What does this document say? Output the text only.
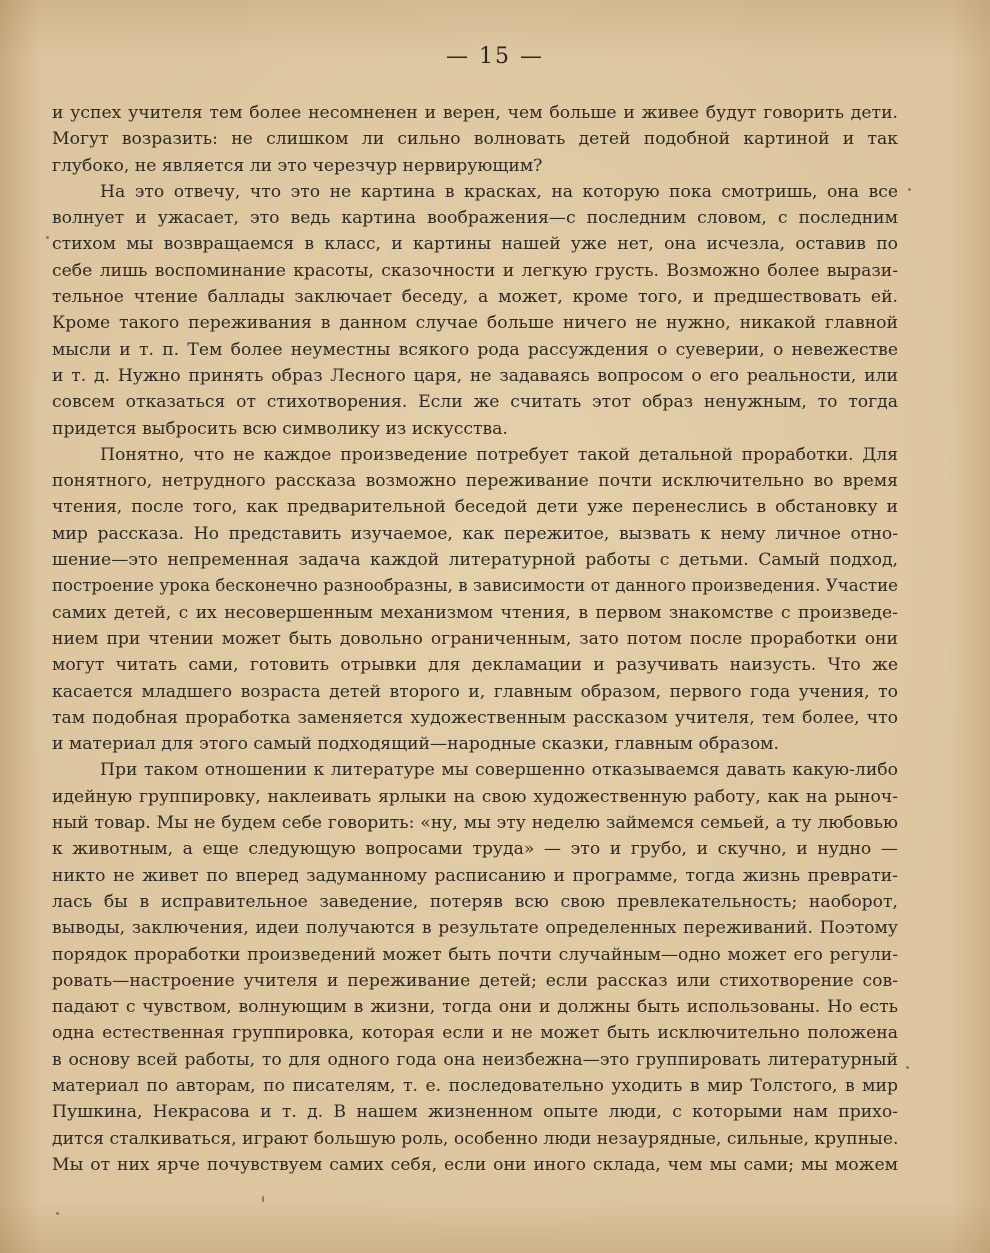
— 15 —
и успех учителя тем более несомненен и верен, чем больше и живее будут говорить дети.
Могут возразить: не слишком ли сильно волновать детей подобной картиной и так
глубоко, не является ли это черезчур нервирующим?
На это отвечу, что это не картина в красках, на которую пока смотришь, она все
волнует и ужасает, это ведь картина воображения—с последним словом, с последним
стихом мы возвращаемся в класс, и картины нашей уже нет, она исчезла, оставив по
себе лишь воспоминание красоты, сказочности и легкую грусть. Возможно более вырази-
тельное чтение баллады заключает беседу, а может, кроме того, и предшествовать ей.
Кроме такого переживания в данном случае больше ничего не нужно, никакой главной
мысли и т. п. Тем более неуместны всякого рода рассуждения о суеверии, о невежестве
и т. д. Нужно принять образ Лесного царя, не задаваясь вопросом о его реальности, или
совсем отказаться от стихотворения. Если же считать этот образ ненужным, то тогда
придется выбросить всю символику из искусства.
Понятно, что не каждое произведение потребует такой детальной проработки. Для
понятного, нетрудного рассказа возможно переживание почти исключительно во время
чтения, после того, как предварительной беседой дети уже перенеслись в обстановку и
мир рассказа. Но представить изучаемое, как пережитое, вызвать к нему личное отно-
шение—это непременная задача каждой литературной работы с детьми. Самый подход,
построение урока бесконечно разнообразны, в зависимости от данного произведения. Участие
самих детей, с их несовершенным механизмом чтения, в первом знакомстве с произведе-
нием при чтении может быть довольно ограниченным, зато потом после проработки они
могут читать сами, готовить отрывки для декламации и разучивать наизусть. Что же
касается младшего возраста детей второго и, главным образом, первого года учения, то
там подобная проработка заменяется художественным рассказом учителя, тем более, что
и материал для этого самый подходящий—народные сказки, главным образом.
При таком отношении к литературе мы совершенно отказываемся давать какую-либо
идейную группировку, наклеивать ярлыки на свою художественную работу, как на рыноч-
ный товар. Мы не будем себе говорить: «ну, мы эту неделю займемся семьей, а ту любовью
к животным, а еще следующую вопросами труда» — это и грубо, и скучно, и нудно —
никто не живет по вперед задуманному расписанию и программе, тогда жизнь преврати-
лась бы в исправительное заведение, потеряв всю свою превлекательность; наоборот,
выводы, заключения, идеи получаются в результате определенных переживаний. Поэтому
порядок проработки произведений может быть почти случайным—одно может его регули-
ровать—настроение учителя и переживание детей; если рассказ или стихотворение сов-
падают с чувством, волнующим в жизни, тогда они и должны быть использованы. Но есть
одна естественная группировка, которая если и не может быть исключительно положена
в основу всей работы, то для одного года она неизбежна—это группировать литературный
материал по авторам, по писателям, т. е. последовательно уходить в мир Толстого, в мир
Пушкина, Некрасова и т. д. В нашем жизненном опыте люди, с которыми нам прихо-
дится сталкиваться, играют большую роль, особенно люди незаурядные, сильные, крупные.
Мы от них ярче почувствуем самих себя, если они иного склада, чем мы сами; мы можем
